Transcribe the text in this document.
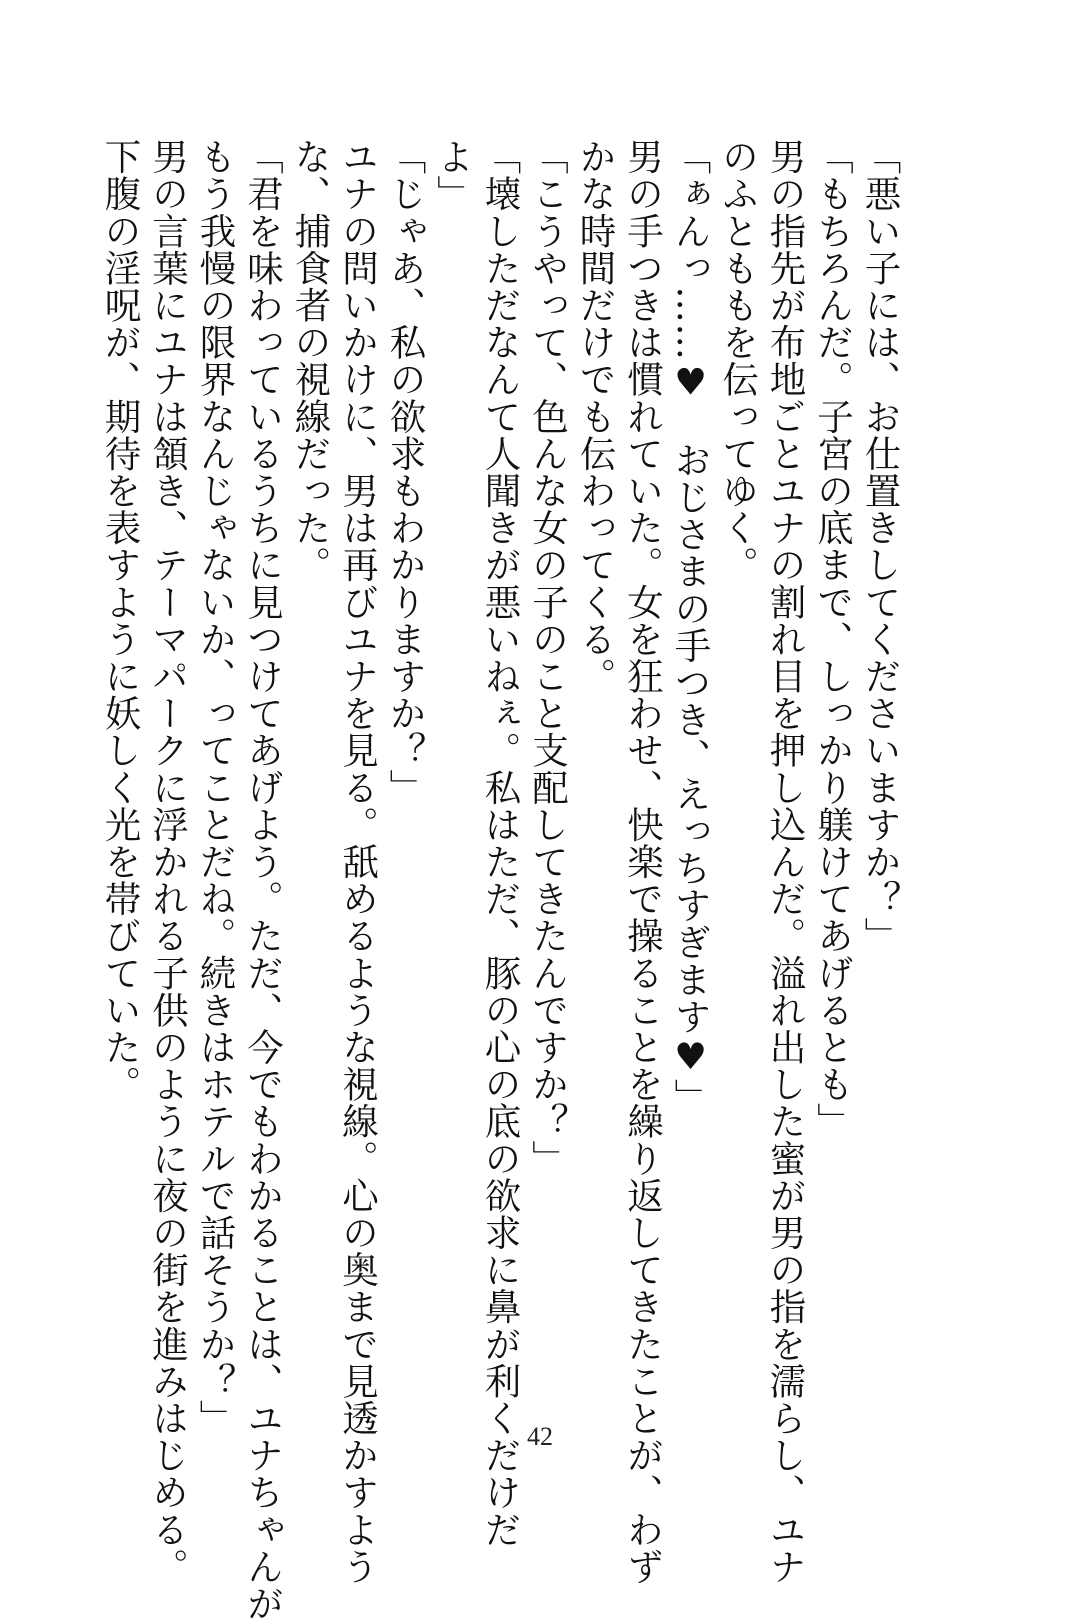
「悪い子には、お仕置きしてくださいますか？」
「もちろんだ。子宮の底まで、しっかり躾けてあげるとも」
男の指先が布地ごとユナの割れ目を押し込んだ。溢れ出した蜜が男の指を濡らし、ユナ
のふとももを伝ってゆく。
「ぁんっ……♥　おじさまの手つき、えっちすぎます♥」
男の手つきは慣れていた。女を狂わせ、快楽で操ることを繰り返してきたことが、わず
かな時間だけでも伝わってくる。
「こうやって、色んな女の子のこと支配してきたんですか？」
「壊しただなんて人聞きが悪いねぇ。私はただ、豚の心の底の欲求に鼻が利くだけだ
よ」
「じゃあ、私の欲求もわかりますか？」
ユナの問いかけに、男は再びユナを見る。舐めるような視線。心の奥まで見透かすよう
な、捕食者の視線だった。
「君を味わっているうちに見つけてあげよう。ただ、今でもわかることは、ユナちゃんが
もう我慢の限界なんじゃないか、ってことだね。続きはホテルで話そうか？」
男の言葉にユナは頷き、テーマパークに浮かれる子供のように夜の街を進みはじめる。
下腹の淫呪が、期待を表すように妖しく光を帯びていた。
42
